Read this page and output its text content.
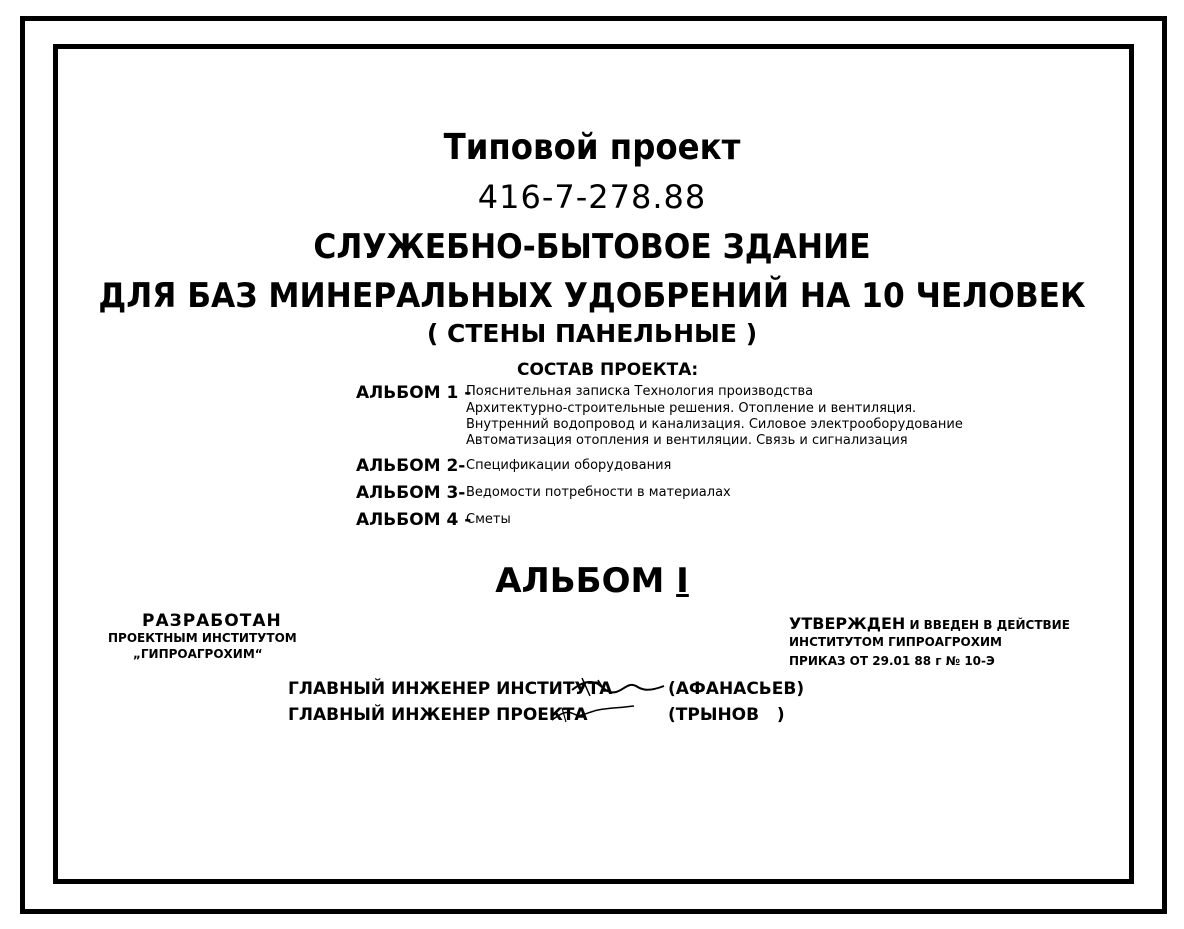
Типовой проект
416-7-278.88
СЛУЖЕБНО-БЫТОВОЕ ЗДАНИЕ
ДЛЯ БАЗ МИНЕРАЛЬНЫХ УДОБРЕНИЙ НА 10 ЧЕЛОВЕК
( СТЕНЫ ПАНЕЛЬНЫЕ )
СОСТАВ ПРОЕКТА:
АЛЬБОМ 1 -
Пояснительная записка Технология производства
Архитектурно-строительные решения. Отопление и вентиляция.
Внутренний водопровод и канализация. Силовое электрооборудование
Автоматизация отопления и вентиляции. Связь и сигнализация
АЛЬБОМ 2- Спецификации оборудования
АЛЬБОМ 3- Ведомости потребности в материалах
АЛЬБОМ 4 -
Сметы
АЛЬБОМ I
РАЗРАБОТАН
ПРОЕКТНЫМ ИНСТИТУТОМ
„ГИПРОАГРОХИМ“
УТВЕРЖДЕН И ВВЕДЕН В ДЕЙСТВИЕ
ИНСТИТУТОМ ГИПРОАГРОХИМ
ПРИКАЗ ОТ 29.01 88 г № 10-Э
ГЛАВНЫЙ ИНЖЕНЕР ИНСТИТУТА	(АФАНАСЬЕВ)
ГЛАВНЫЙ ИНЖЕНЕР ПРОЕКТА	(ТРЫНОВ   )
